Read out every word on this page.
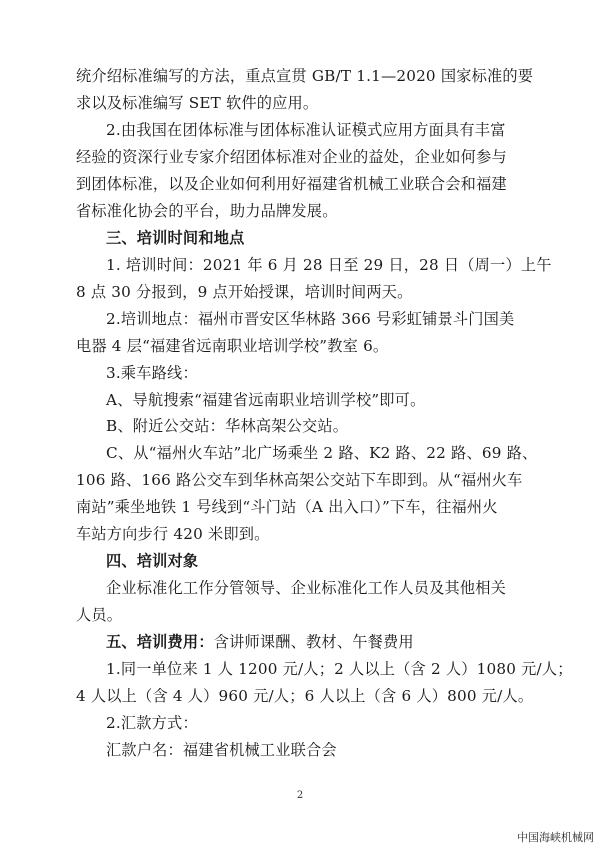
统介绍标准编写的方法，重点宣贯 GB/T 1.1—2020 国家标准的要
求以及标准编写 SET 软件的应用。
2.由我国在团体标准与团体标准认证模式应用方面具有丰富
经验的资深行业专家介绍团体标准对企业的益处，企业如何参与
到团体标准，以及企业如何利用好福建省机械工业联合会和福建
省标准化协会的平台，助力品牌发展。
三、培训时间和地点
1. 培训时间：2021 年 6 月 28 日至 29 日，28 日（周一）上午
8 点 30 分报到，9 点开始授课，培训时间两天。
2.培训地点：福州市晋安区华林路 366 号彩虹铺景斗门国美
电器 4 层“福建省远南职业培训学校”教室 6。
3.乘车路线：
A、导航搜索“福建省远南职业培训学校”即可。
B、附近公交站：华林高架公交站。
C、从“福州火车站”北广场乘坐 2 路、K2 路、22 路、69 路、
106 路、166 路公交车到华林高架公交站下车即到。从“福州火车
南站”乘坐地铁 1 号线到“斗门站（A 出入口）”下车，往福州火
车站方向步行 420 米即到。
四、培训对象
企业标准化工作分管领导、企业标准化工作人员及其他相关
人员。
五、培训费用：含讲师课酬、教材、午餐费用
1.同一单位来 1 人 1200 元/人；2 人以上（含 2 人）1080 元/人；
4 人以上（含 4 人）960 元/人；6 人以上（含 6 人）800 元/人。
2.汇款方式：
汇款户名：福建省机械工业联合会
2
中国海峡机械网
